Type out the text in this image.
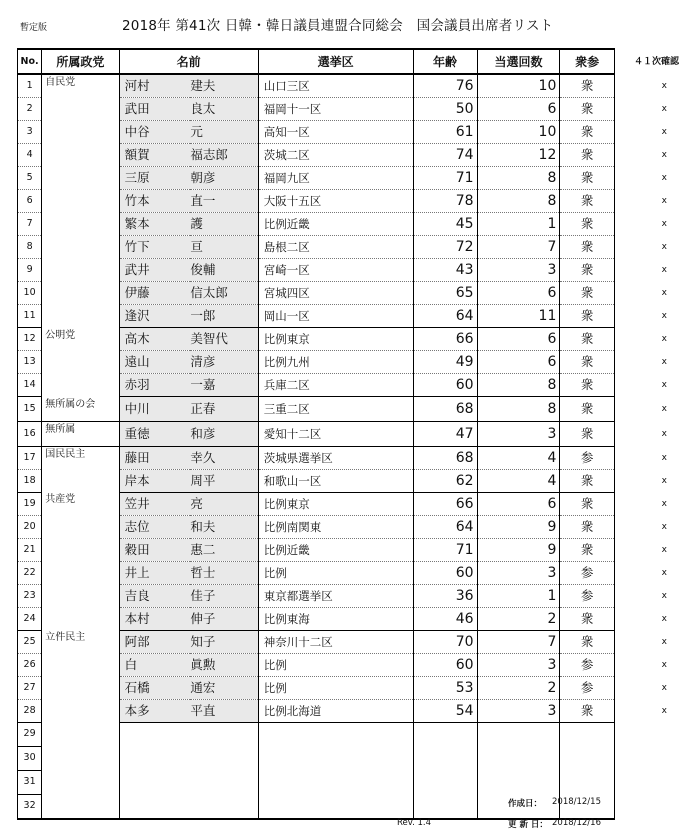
暫定版	2018年 第41次 日韓・韓日議員連盟合同総会　国会議員出席者リスト
No.	所属政党	名前		選挙区	年齢	当選回数	衆参	４１次確認
1	自民党	河村	建夫	山口三区	76	10	衆	x
2		武田	良太	福岡十一区	50	6	衆	x
3		中谷	元	高知一区	61	10	衆	x
4		額賀	福志郎	茨城二区	74	12	衆	x
5		三原	朝彦	福岡九区	71	8	衆	x
6		竹本	直一	大阪十五区	78	8	衆	x
7		繁本	護	比例近畿	45	1	衆	x
8		竹下	亘	島根二区	72	7	衆	x
9		武井	俊輔	宮崎一区	43	3	衆	x
10		伊藤	信太郎	宮城四区	65	6	衆	x
11		逢沢	一郎	岡山一区	64	11	衆	x
12	公明党	高木	美智代	比例東京	66	6	衆	x
13		遠山	清彦	比例九州	49	6	衆	x
14		赤羽	一嘉	兵庫二区	60	8	衆	x
15	無所属の会	中川	正春	三重二区	68	8	衆	x
16	無所属	重徳	和彦	愛知十二区	47	3	衆	x
17	国民民主	藤田	幸久	茨城県選挙区	68	4	参	x
18		岸本	周平	和歌山一区	62	4	衆	x
19	共産党	笠井	亮	比例東京	66	6	衆	x
20		志位	和夫	比例南関東	64	9	衆	x
21		穀田	惠二	比例近畿	71	9	衆	x
22		井上	哲士	比例	60	3	参	x
23		吉良	佳子	東京都選挙区	36	1	参	x
24		本村	伸子	比例東海	46	2	衆	x
25	立件民主	阿部	知子	神奈川十二区	70	7	衆	x
26		白	眞勲	比例	60	3	参	x
27		石橋	通宏	比例	53	2	参	x
28		本多	平直	比例北海道	54	3	衆	x
29								
30								
31								
32									作成日： 2018/12/15
Rev. 1.4	更 新 日： 2018/12/16
